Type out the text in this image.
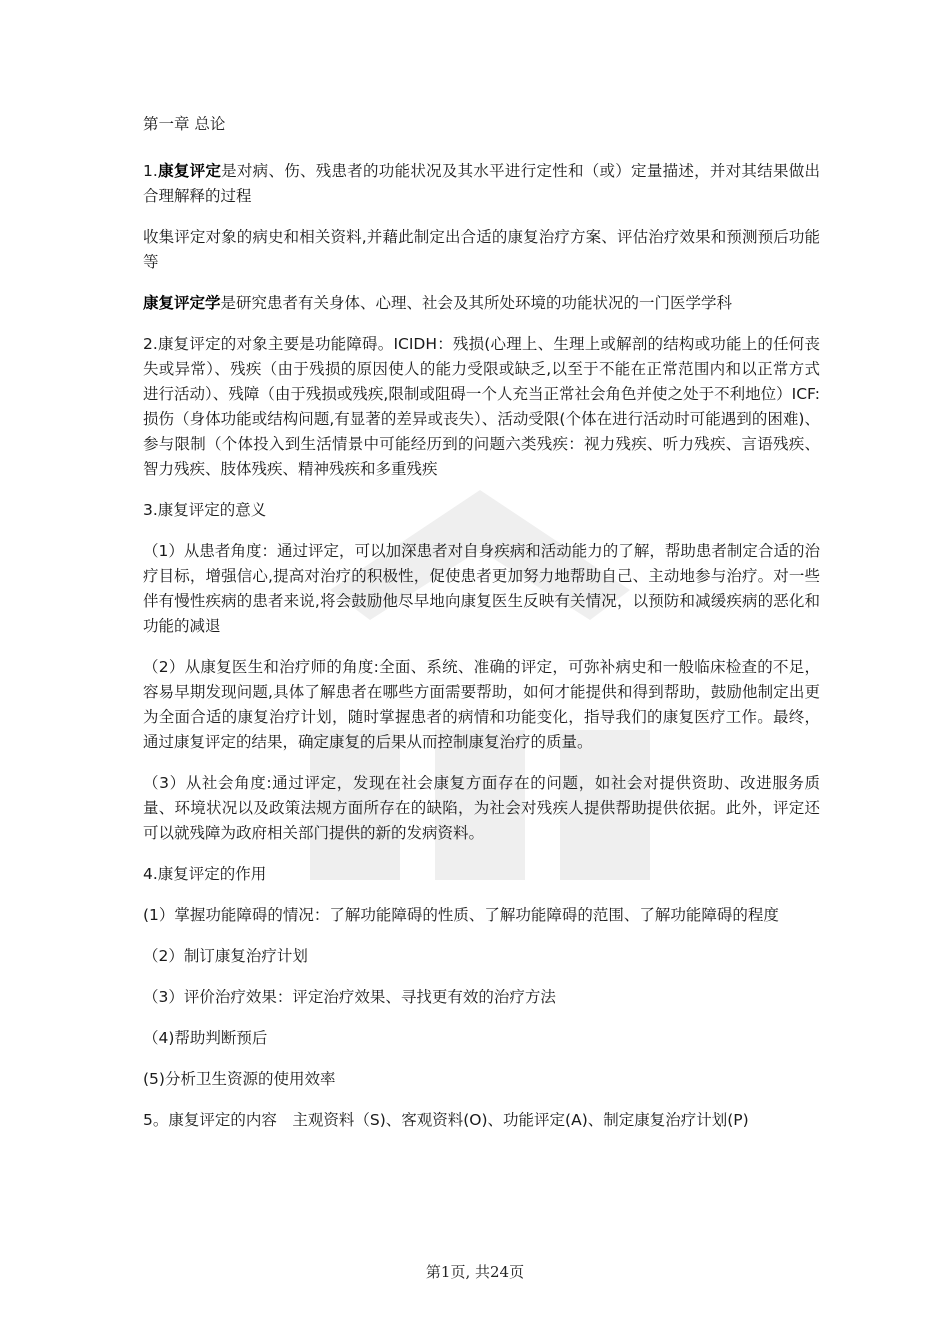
第一章 总论

1.康复评定是对病、伤、残患者的功能状况及其水平进行定性和（或）定量描述，并对其结果做出合理解释的过程

收集评定对象的病史和相关资料,并藉此制定出合适的康复治疗方案、评估治疗效果和预测预后功能等

康复评定学是研究患者有关身体、心理、社会及其所处环境的功能状况的一门医学学科

2.康复评定的对象主要是功能障碍。ICIDH：残损(心理上、生理上或解剖的结构或功能上的任何丧失或异常）、残疾（由于残损的原因使人的能力受限或缺乏,以至于不能在正常范围内和以正常方式进行活动）、残障（由于残损或残疾,限制或阻碍一个人充当正常社会角色并使之处于不利地位）ICF:损伤（身体功能或结构问题,有显著的差异或丧失）、活动受限(个体在进行活动时可能遇到的困难)、参与限制（个体投入到生活情景中可能经历到的问题六类残疾：视力残疾、听力残疾、言语残疾、智力残疾、肢体残疾、精神残疾和多重残疾

3.康复评定的意义

（1）从患者角度：通过评定，可以加深患者对自身疾病和活动能力的了解，帮助患者制定合适的治疗目标，增强信心,提高对治疗的积极性，促使患者更加努力地帮助自己、主动地参与治疗。对一些伴有慢性疾病的患者来说,将会鼓励他尽早地向康复医生反映有关情况，以预防和减缓疾病的恶化和功能的减退

（2）从康复医生和治疗师的角度:全面、系统、准确的评定，可弥补病史和一般临床检查的不足，容易早期发现问题,具体了解患者在哪些方面需要帮助，如何才能提供和得到帮助，鼓励他制定出更为全面合适的康复治疗计划，随时掌握患者的病情和功能变化，指导我们的康复医疗工作。最终，通过康复评定的结果，确定康复的后果从而控制康复治疗的质量。

（3）从社会角度:通过评定，发现在社会康复方面存在的问题，如社会对提供资助、改进服务质量、环境状况以及政策法规方面所存在的缺陷，为社会对残疾人提供帮助提供依据。此外，评定还可以就残障为政府相关部门提供的新的发病资料。

4.康复评定的作用

(1）掌握功能障碍的情况：了解功能障碍的性质、了解功能障碍的范围、了解功能障碍的程度

（2）制订康复治疗计划

（3）评价治疗效果：评定治疗效果、寻找更有效的治疗方法

（4)帮助判断预后

(5)分析卫生资源的使用效率

5。康复评定的内容　主观资料（S)、客观资料(O)、功能评定(A)、制定康复治疗计划(P)

第1页, 共24页
